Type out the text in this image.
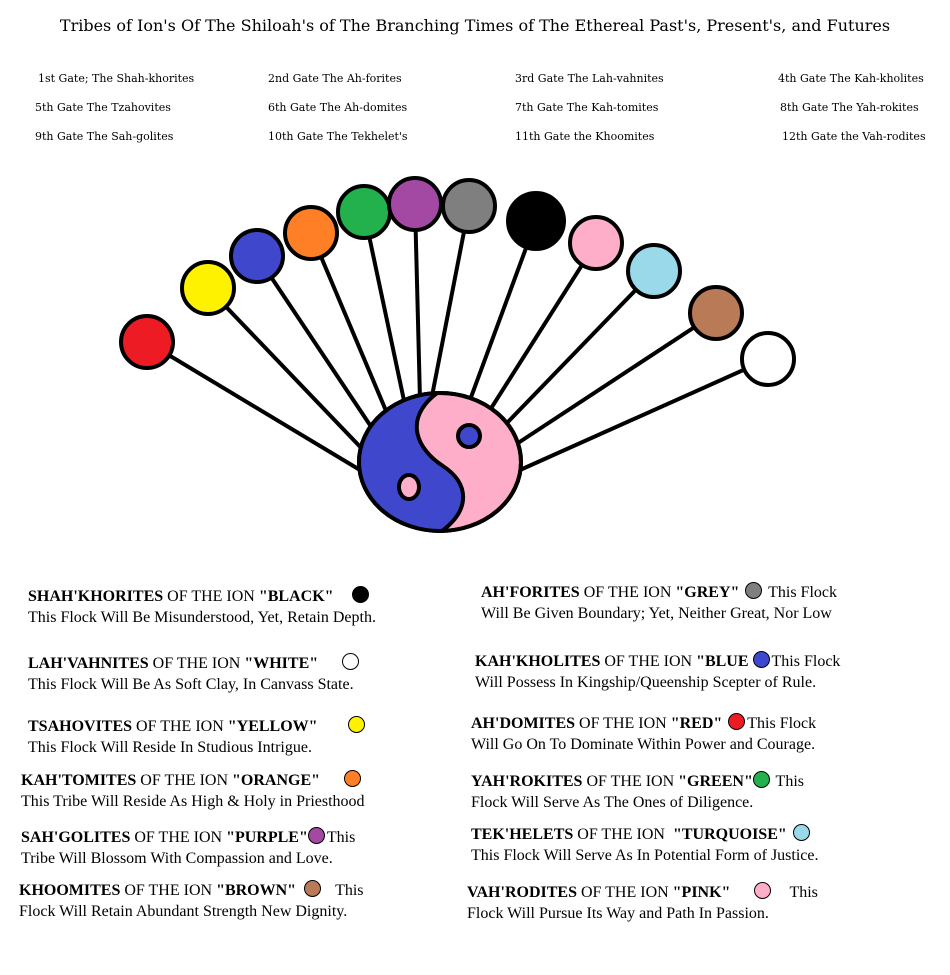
Tribes of Ion's Of The Shiloah's of The Branching Times of The Ethereal Past's, Present's, and Futures
1st Gate; The Shah-khorites	2nd Gate The Ah-forites	3rd Gate The Lah-vahnites	4th Gate The Kah-kholites
5th Gate The Tzahovites	6th Gate The Ah-domites	7th Gate The Kah-tomites	8th Gate The Yah-rokites
9th Gate The Sah-golites	10th Gate The Tekhelet's	11th Gate the Khoomites	12th Gate the Vah-rodites
SHAH'KHORITES OF THE ION "BLACK"
This Flock Will Be Misunderstood, Yet, Retain Depth.
LAH'VAHNITES OF THE ION "WHITE"
This Flock Will Be As Soft Clay, In Canvass State.
TSAHOVITES OF THE ION "YELLOW"
This Flock Will Reside In Studious Intrigue.
KAH'TOMITES OF THE ION "ORANGE"
This Tribe Will Reside As High & Holy in Priesthood
SAH'GOLITES OF THE ION "PURPLE" This
Tribe Will Blossom With Compassion and Love.
KHOOMITES OF THE ION "BROWN" This
Flock Will Retain Abundant Strength New Dignity.
AH'FORITES OF THE ION "GREY" This Flock
Will Be Given Boundary; Yet, Neither Great, Nor Low
KAH'KHOLITES OF THE ION "BLUE This Flock
Will Possess In Kingship/Queenship Scepter of Rule.
AH'DOMITES OF THE ION "RED" This Flock
Will Go On To Dominate Within Power and Courage.
YAH'ROKITES OF THE ION "GREEN" This
Flock Will Serve As The Ones of Diligence.
TEK'HELETS OF THE ION  "TURQUOISE"
This Flock Will Serve As In Potential Form of Justice.
VAH'RODITES OF THE ION "PINK"	This
Flock Will Pursue Its Way and Path In Passion.
